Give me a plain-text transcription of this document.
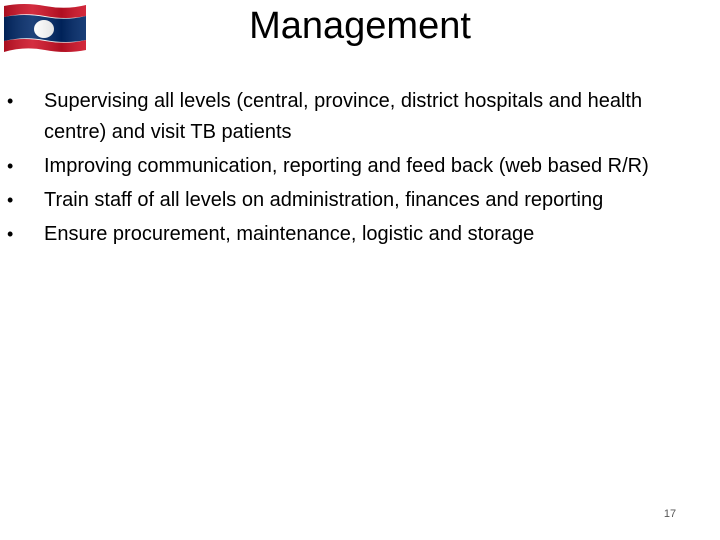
Management
• Supervising all levels (central, province, district hospitals and health centre) and visit TB patients
• Improving communication, reporting and feed back (web based R/R)
• Train staff of all levels on administration, finances and reporting
• Ensure procurement, maintenance, logistic and storage
17
